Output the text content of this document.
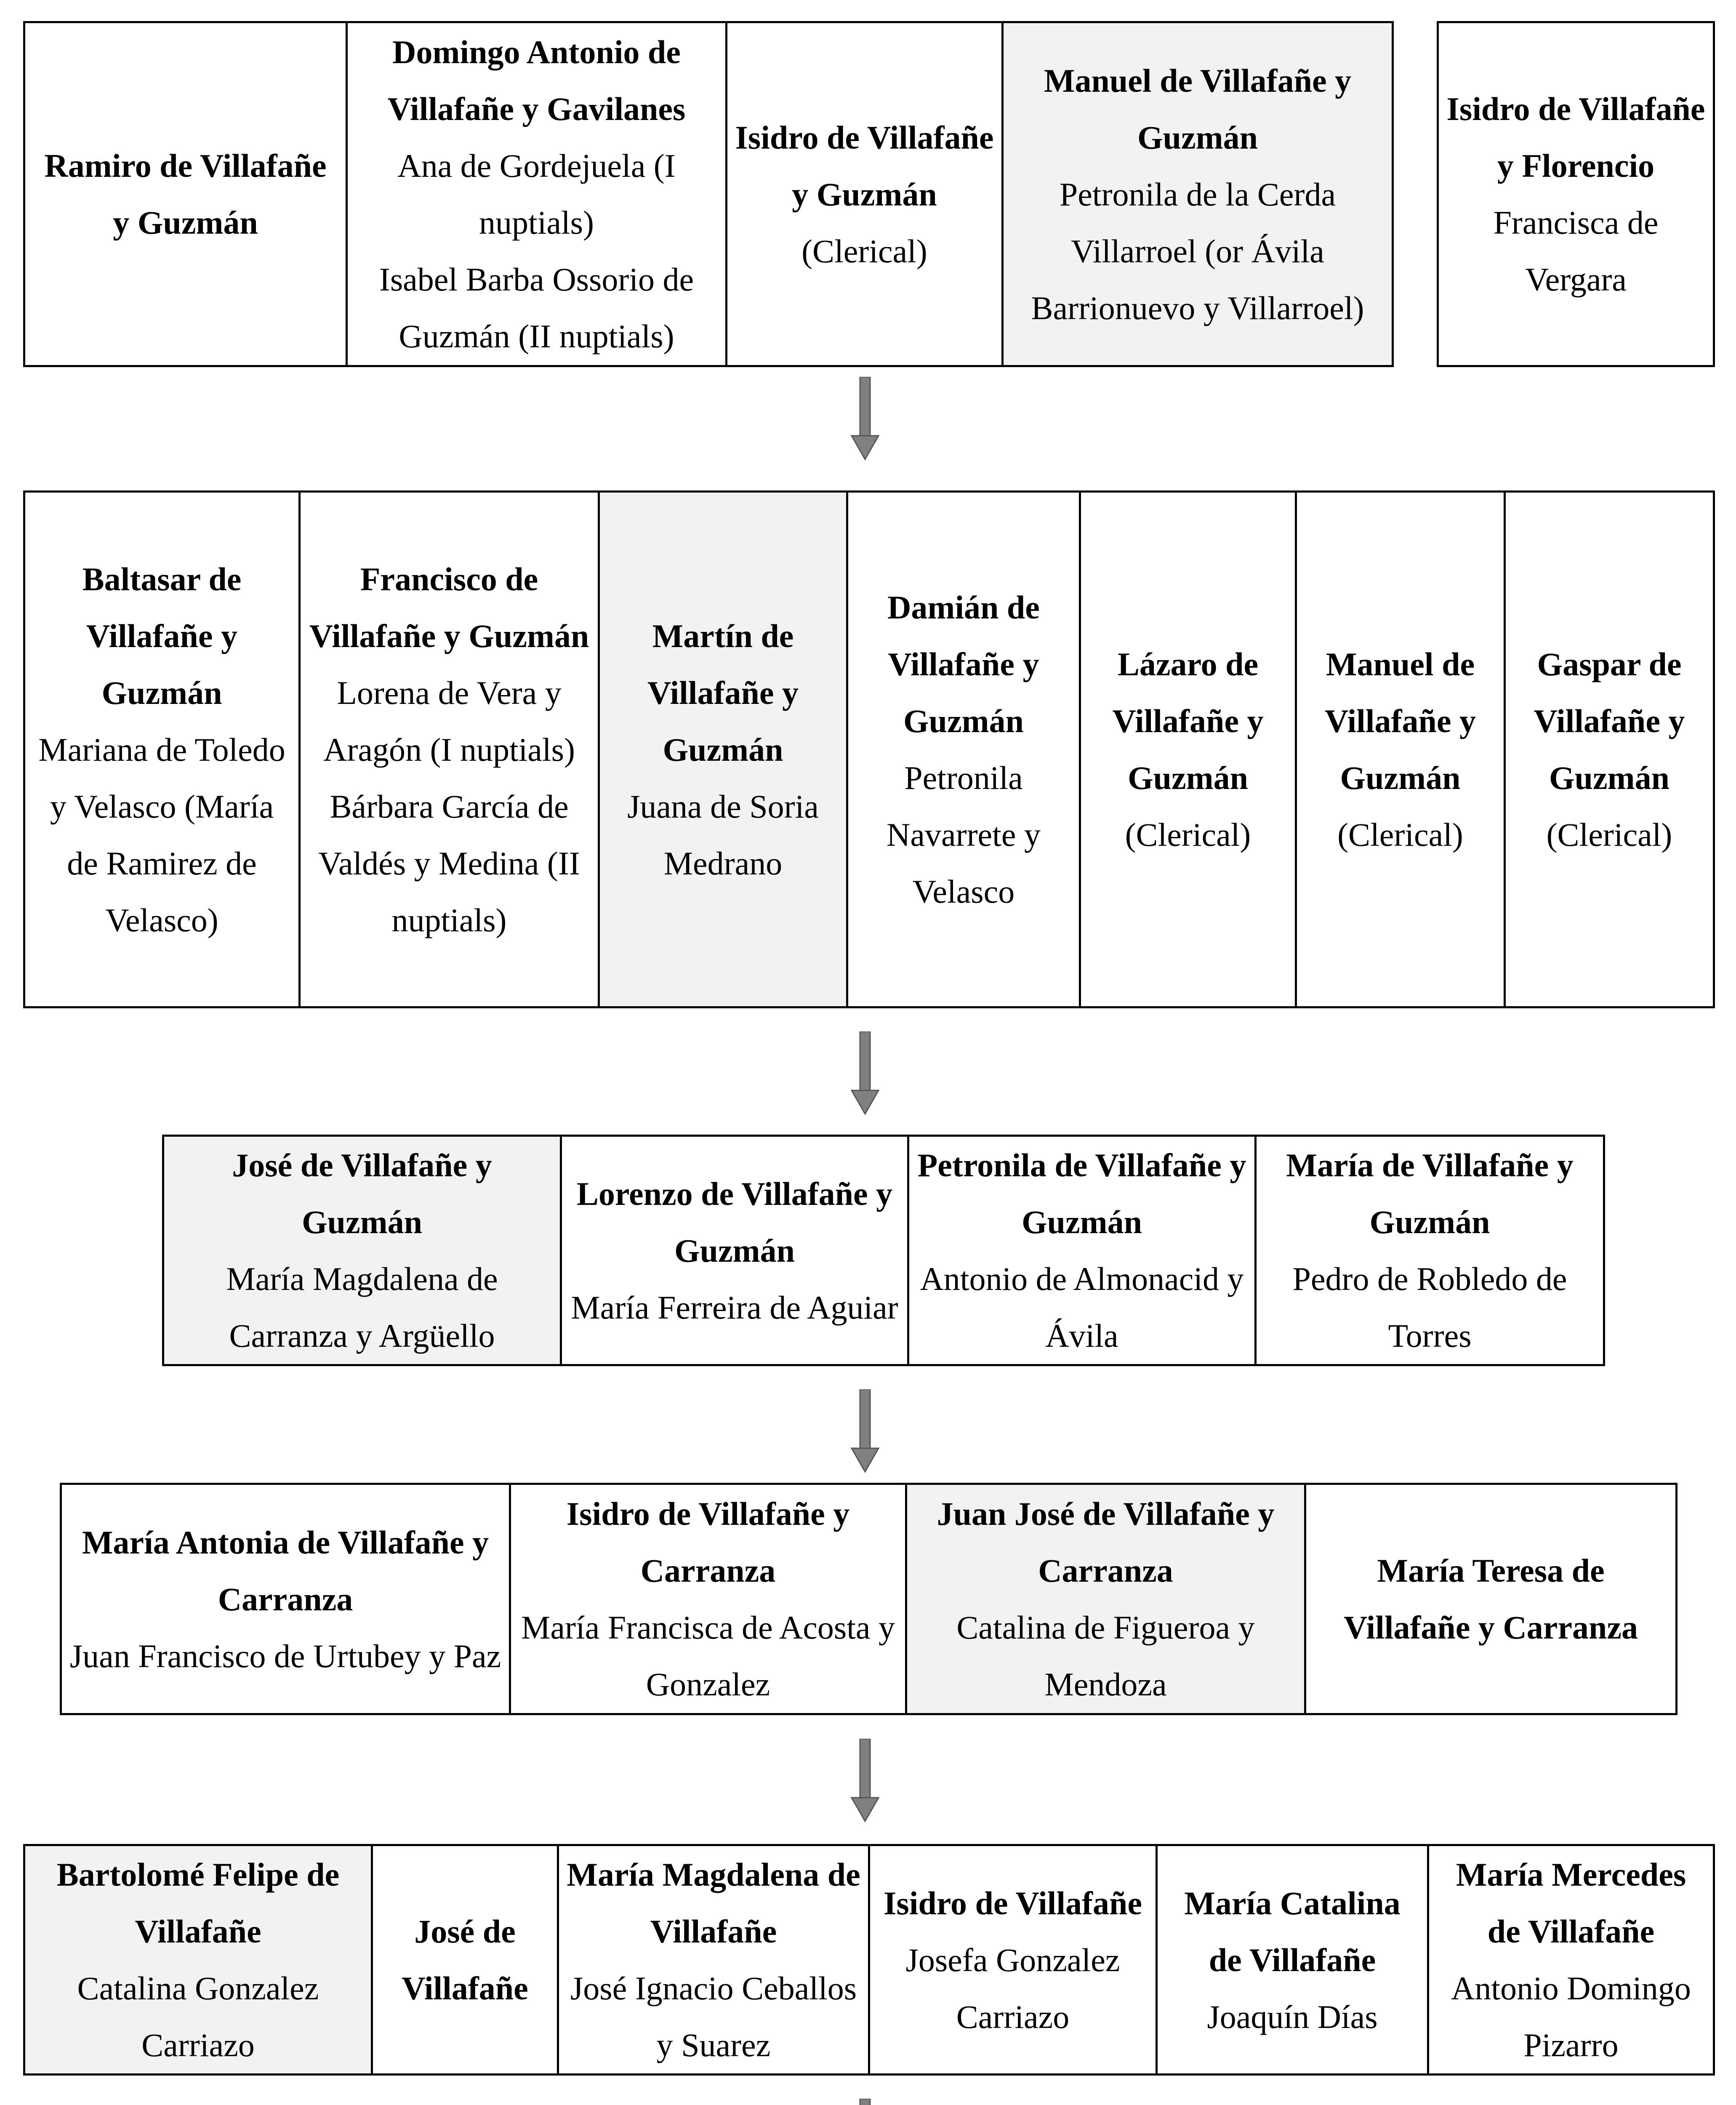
Ramiro de Villafañe y Guzmán
Domingo Antonio de Villafañe y Gavilanes
Ana de Gordejuela (I nuptials)
Isabel Barba Ossorio de Guzmán (II nuptials)
Isidro de Villafañe y Guzmán
(Clerical)
Manuel de Villafañe y Guzmán
Petronila de la Cerda Villarroel (or Ávila Barrionuevo y Villarroel)
Isidro de Villafañe y Florencio
Francisca de Vergara
Baltasar de Villafañe y Guzmán
Mariana de Toledo y Velasco (María de Ramirez de Velasco)
Francisco de Villafañe y Guzmán
Lorena de Vera y Aragón (I nuptials)
Bárbara García de Valdés y Medina (II nuptials)
Martín de Villafañe y Guzmán
Juana de Soria Medrano
Damián de Villafañe y Guzmán
Petronila Navarrete y Velasco
Lázaro de Villafañe y Guzmán
(Clerical)
Manuel de Villafañe y Guzmán
(Clerical)
Gaspar de Villafañe y Guzmán
(Clerical)
José de Villafañe y Guzmán
María Magdalena de Carranza y Argüello
Lorenzo de Villafañe y Guzmán
María Ferreira de Aguiar
Petronila de Villafañe y Guzmán
Antonio de Almonacid y Ávila
María de Villafañe y Guzmán
Pedro de Robledo de Torres
María Antonia de Villafañe y Carranza
Juan Francisco de Urtubey y Paz
Isidro de Villafañe y Carranza
María Francisca de Acosta y Gonzalez
Juan José de Villafañe y Carranza
Catalina de Figueroa y Mendoza
María Teresa de Villafañe y Carranza
Bartolomé Felipe de Villafañe
Catalina Gonzalez Carriazo
José de Villafañe
María Magdalena de Villafañe
José Ignacio Ceballos y Suarez
Isidro de Villafañe
Josefa Gonzalez Carriazo
María Catalina de Villafañe
Joaquín Días
María Mercedes de Villafañe
Antonio Domingo Pizarro
